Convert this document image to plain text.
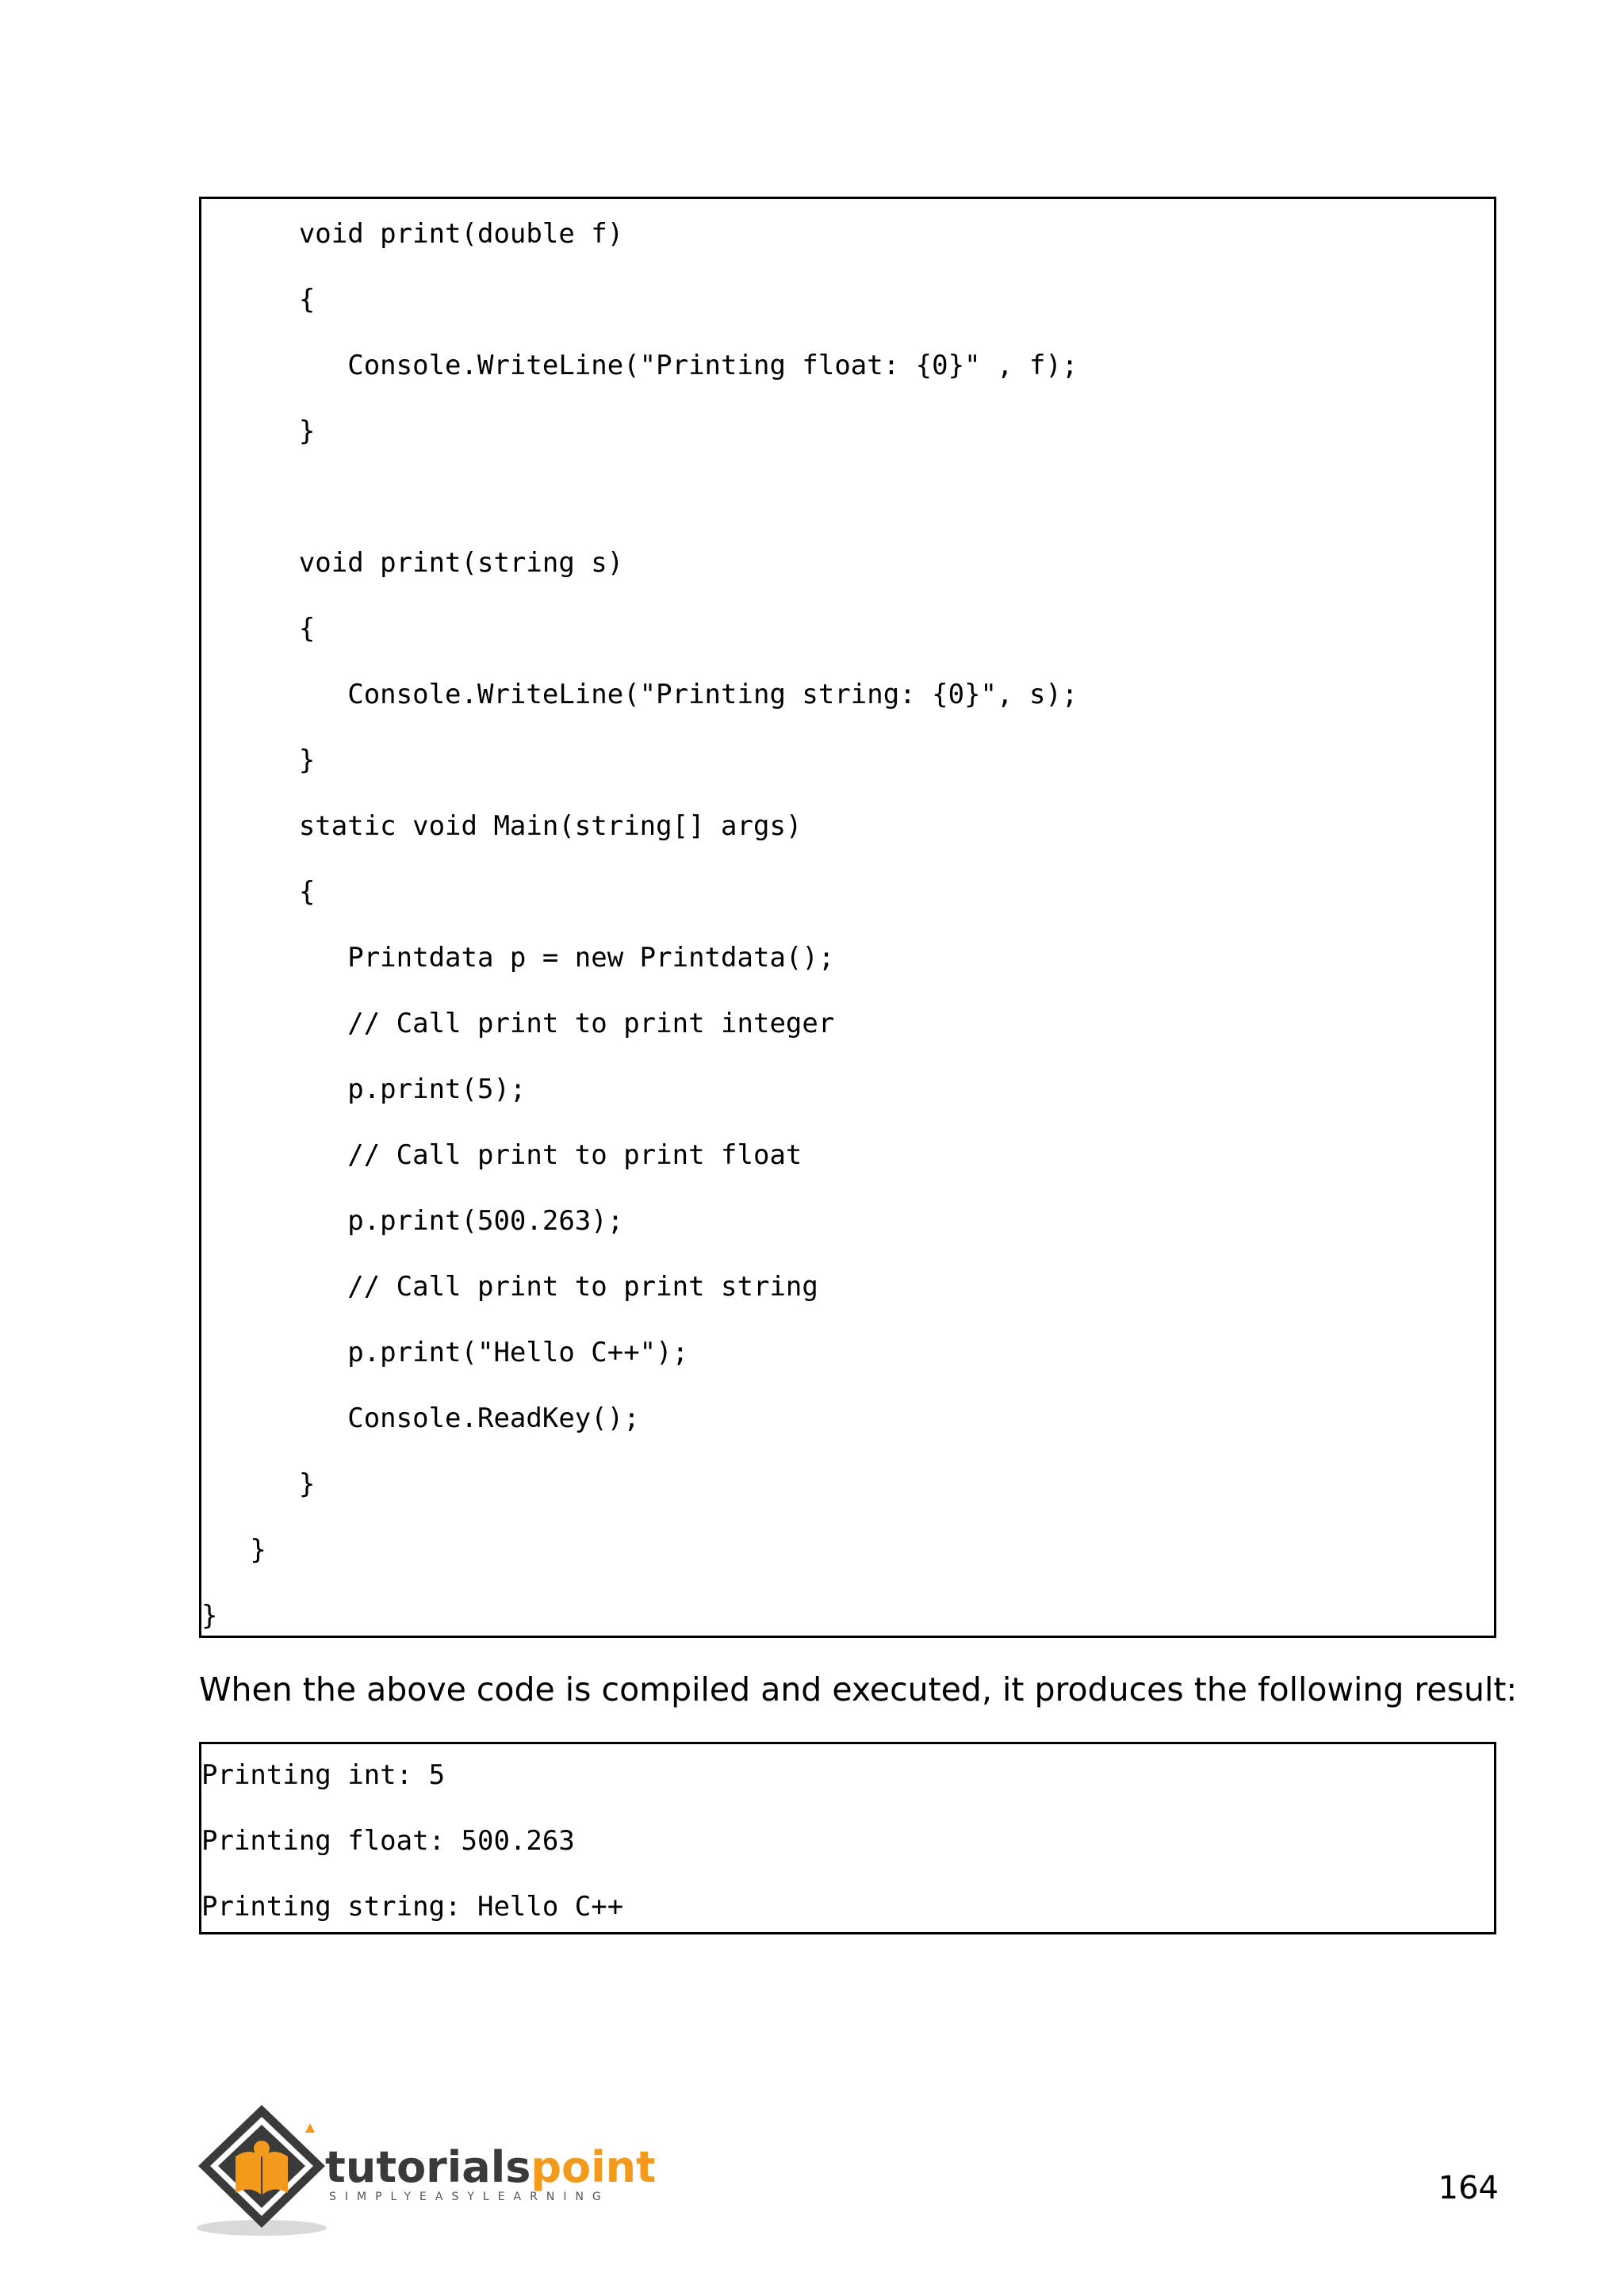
void print(double f)
{
Console.WriteLine("Printing float: {0}" , f);
}
void print(string s)
{
Console.WriteLine("Printing string: {0}", s);
}
static void Main(string[] args)
{
Printdata p = new Printdata();
// Call print to print integer
p.print(5);
// Call print to print float
p.print(500.263);
// Call print to print string
p.print("Hello C++");
Console.ReadKey();
}
}
}
When the above code is compiled and executed, it produces the following result:
Printing int: 5
Printing float: 500.263
Printing string: Hello C++
tutorialspoint
SIMPLYEASYLEARNING	164
